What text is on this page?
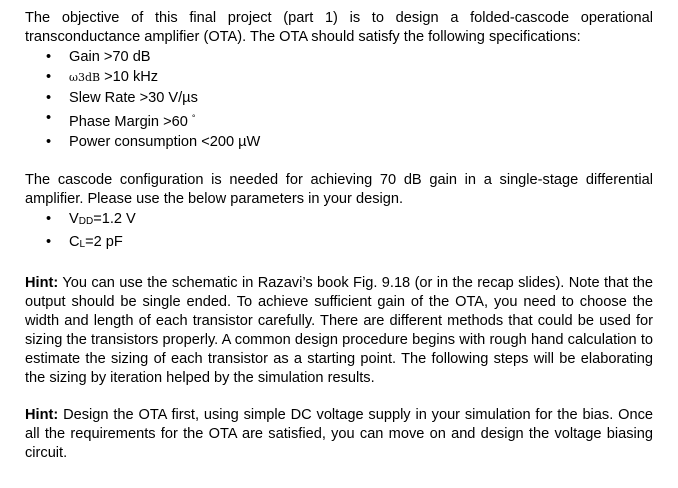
The objective of this final project (part 1) is to design a folded-cascode operational transconductance amplifier (OTA). The OTA should satisfy the following specifications:

• Gain >70 dB
• ω3dB >10 kHz
• Slew Rate >30 V/µs
• Phase Margin >60 °
• Power consumption <200 µW

The cascode configuration is needed for achieving 70 dB gain in a single-stage differential amplifier. Please use the below parameters in your design.

• VDD=1.2 V
• CL=2 pF

Hint: You can use the schematic in Razavi’s book Fig. 9.18 (or in the recap slides). Note that the output should be single ended. To achieve sufficient gain of the OTA, you need to choose the width and length of each transistor carefully. There are different methods that could be used for sizing the transistors properly. A common design procedure begins with rough hand calculation to estimate the sizing of each transistor as a starting point. The following steps will be elaborating the sizing by iteration helped by the simulation results.

Hint: Design the OTA first, using simple DC voltage supply in your simulation for the bias. Once all the requirements for the OTA are satisfied, you can move on and design the voltage biasing circuit.
